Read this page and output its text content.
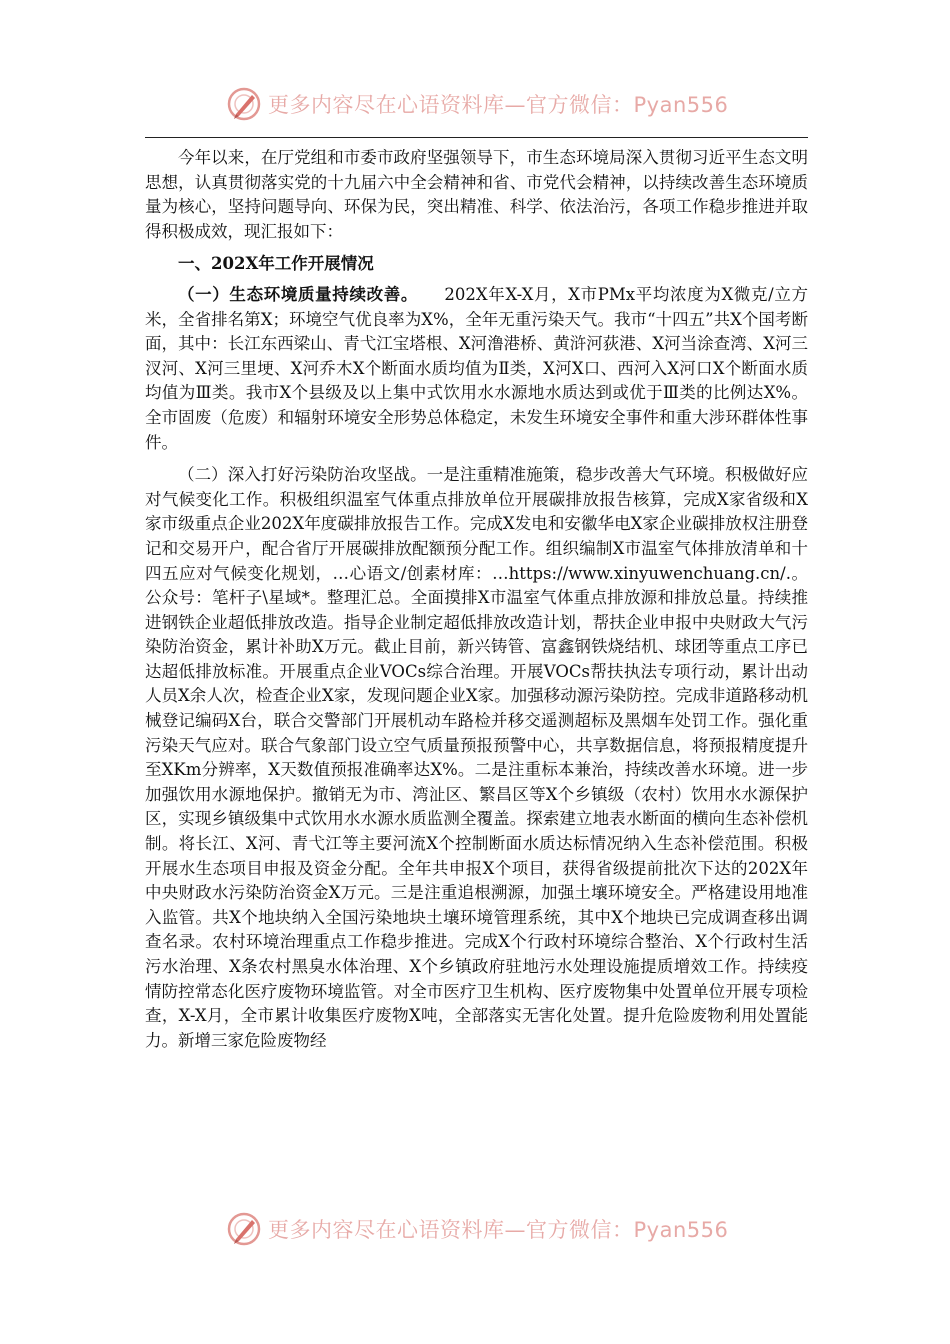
更多内容尽在心语资料库—官方微信：Pyan556

今年以来，在厅党组和市委市政府坚强领导下，市生态环境局深入贯彻习近平生态文明思想，认真贯彻落实党的十九届六中全会精神和省、市党代会精神，以持续改善生态环境质量为核心，坚持问题导向、环保为民，突出精准、科学、依法治污，各项工作稳步推进并取得积极成效，现汇报如下：

一、202X年工作开展情况

（一）生态环境质量持续改善。 202X年X-X月，X市PMx平均浓度为X微克/立方米，全省排名第X；环境空气优良率为X%，全年无重污染天气。我市“十四五”共X个国考断面，其中：长江东西梁山、青弋江宝塔根、X河澛港桥、黄浒河荻港、X河当涂查湾、X河三汊河、X河三里埂、X河乔木X个断面水质均值为Ⅱ类，X河X口、西河入X河口X个断面水质均值为Ⅲ类。我市X个县级及以上集中式饮用水水源地水质达到或优于Ⅲ类的比例达X%。全市固废（危废）和辐射环境安全形势总体稳定，未发生环境安全事件和重大涉环群体性事件。

（二）深入打好污染防治攻坚战。一是注重精准施策，稳步改善大气环境。积极做好应对气候变化工作。积极组织温室气体重点排放单位开展碳排放报告核算，完成X家省级和X家市级重点企业202X年度碳排放报告工作。完成X发电和安徽华电X家企业碳排放权注册登记和交易开户，配合省厅开展碳排放配额预分配工作。组织编制X市温室气体排放清单和十四五应对气候变化规划，…心语文/创素材库：…https://www.xinyuwenchuang.cn/.。公众号：笔杆子\星域*。整理汇总。全面摸排X市温室气体重点排放源和排放总量。持续推进钢铁企业超低排放改造。指导企业制定超低排放改造计划，帮扶企业申报中央财政大气污染防治资金，累计补助X万元。截止目前，新兴铸管、富鑫钢铁烧结机、球团等重点工序已达超低排放标准。开展重点企业VOCs综合治理。开展VOCs帮扶执法专项行动，累计出动人员X余人次，检查企业X家，发现问题企业X家。加强移动源污染防控。完成非道路移动机械登记编码X台，联合交警部门开展机动车路检并移交遥测超标及黑烟车处罚工作。强化重污染天气应对。联合气象部门设立空气质量预报预警中心，共享数据信息，将预报精度提升至XKm分辨率，X天数值预报准确率达X%。二是注重标本兼治，持续改善水环境。进一步加强饮用水源地保护。撤销无为市、湾沚区、繁昌区等X个乡镇级（农村）饮用水水源保护区，实现乡镇级集中式饮用水水源水质监测全覆盖。探索建立地表水断面的横向生态补偿机制。将长江、X河、青弋江等主要河流X个控制断面水质达标情况纳入生态补偿范围。积极开展水生态项目申报及资金分配。全年共申报X个项目，获得省级提前批次下达的202X年中央财政水污染防治资金X万元。三是注重追根溯源，加强土壤环境安全。严格建设用地准入监管。共X个地块纳入全国污染地块土壤环境管理系统，其中X个地块已完成调查移出调查名录。农村环境治理重点工作稳步推进。完成X个行政村环境综合整治、X个行政村生活污水治理、X条农村黑臭水体治理、X个乡镇政府驻地污水处理设施提质增效工作。持续疫情防控常态化医疗废物环境监管。对全市医疗卫生机构、医疗废物集中处置单位开展专项检查，X-X月，全市累计收集医疗废物X吨，全部落实无害化处置。提升危险废物利用处置能力。新增三家危险废物经

更多内容尽在心语资料库—官方微信：Pyan556
